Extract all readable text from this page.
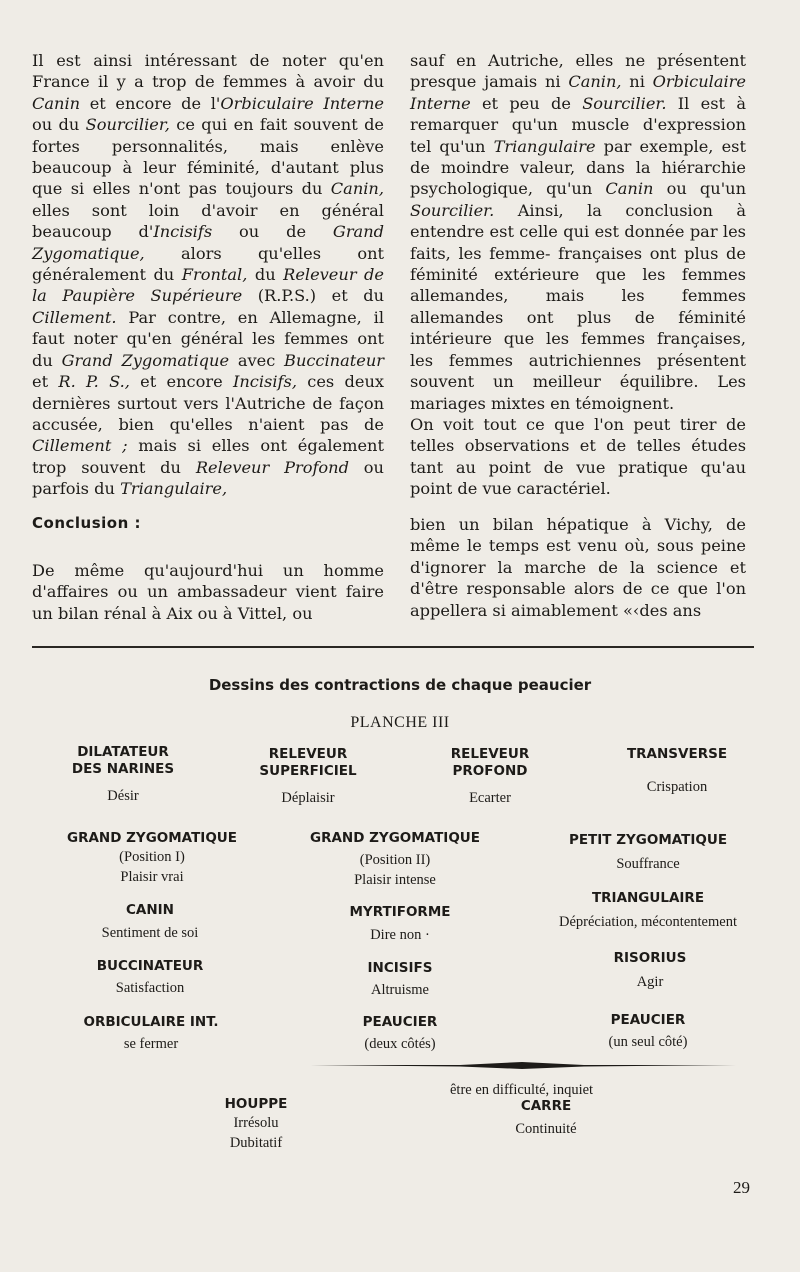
Il est ainsi intéressant de noter qu'en France il y a trop de femmes à avoir du Canin et encore de l'Orbiculaire Interne ou du Sourcilier, ce qui en fait souvent de fortes personnalités, mais enlève beaucoup à leur féminité, d'autant plus que si elles n'ont pas toujours du Canin, elles sont loin d'avoir en général beaucoup d'Incisifs ou de Grand Zygomatique, alors qu'elles ont généralement du Frontal, du Releveur de la Paupière Supérieure (R.P.S.) et du Cillement. Par contre, en Allemagne, il faut noter qu'en général les femmes ont du Grand Zygomatique avec Buccinateur et R. P. S., et encore Incisifs, ces deux dernières surtout vers l'Autriche de façon accusée, bien qu'elles n'aient pas de Cillement ; mais si elles ont également trop souvent du Releveur Profond ou parfois du Triangulaire,

sauf en Autriche, elles ne présentent presque jamais ni Canin, ni Orbiculaire Interne et peu de Sourcilier. Il est à remarquer qu'un muscle d'expression tel qu'un Triangulaire par exemple, est de moindre valeur, dans la hiérarchie psychologique, qu'un Canin ou qu'un Sourcilier. Ainsi, la conclusion à entendre est celle qui est donnée par les faits, les femme- françaises ont plus de féminité extérieure que les femmes allemandes, mais les femmes allemandes ont plus de féminité intérieure que les femmes françaises, les femmes autrichiennes présentent souvent un meilleur équilibre. Les mariages mixtes en témoignent.

On voit tout ce que l'on peut tirer de telles observations et de telles études tant au point de vue pratique qu'au point de vue caractériel.

Conclusion :

De même qu'aujourd'hui un homme d'affaires ou un ambassadeur vient faire un bilan rénal à Aix ou à Vittel, ou

bien un bilan hépatique à Vichy, de même le temps est venu où, sous peine d'ignorer la marche de la science et d'être responsable alors de ce que l'on appellera si aimablement «‹des ans

Dessins des contractions de chaque peaucier
PLANCHE III
DILATATEUR
DES NARINES
Désir
RELEVEUR
SUPERFICIEL
Déplaisir
RELEVEUR
PROFOND
Ecarter
TRANSVERSE
Crispation
GRAND ZYGOMATIQUE
(Position I)
Plaisir vrai
GRAND ZYGOMATIQUE
(Position II)
Plaisir intense
PETIT ZYGOMATIQUE
Souffrance
TRIANGULAIRE
Dépréciation, mécontentement
CANIN
Sentiment de soi
MYRTIFORME
Dire non ·
BUCCINATEUR
Satisfaction
INCISIFS
Altruisme
RISORIUS
Agir
ORBICULAIRE INT.
se fermer
PEAUCIER
(deux côtés)
PEAUCIER
(un seul côté)
être en difficulté, inquiet
HOUPPE
Irrésolu
Dubitatif
CARRE
Continuité
29
